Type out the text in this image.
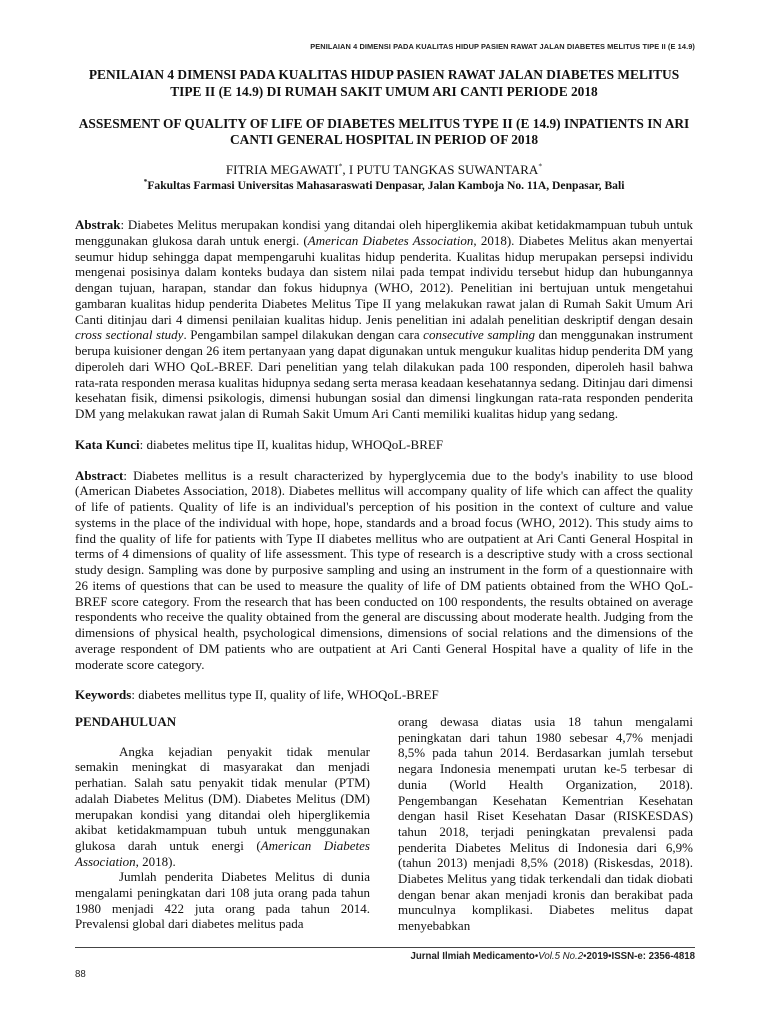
PENILAIAN 4 DIMENSI PADA KUALITAS HIDUP PASIEN RAWAT JALAN DIABETES MELITUS TIPE II (E 14.9)

PENILAIAN 4 DIMENSI PADA KUALITAS HIDUP PASIEN RAWAT JALAN DIABETES MELITUS TIPE II (E 14.9) DI RUMAH SAKIT UMUM ARI CANTI PERIODE 2018

ASSESMENT OF QUALITY OF LIFE OF DIABETES MELITUS TYPE II (E 14.9) INPATIENTS IN ARI CANTI GENERAL HOSPITAL IN PERIOD OF 2018

FITRIA MEGAWATI*, I PUTU TANGKAS SUWANTARA*

*Fakultas Farmasi Universitas Mahasaraswati Denpasar, Jalan Kamboja No. 11A, Denpasar, Bali

Abstrak: Diabetes Melitus merupakan kondisi yang ditandai oleh hiperglikemia akibat ketidakmampuan tubuh untuk menggunakan glukosa darah untuk energi. (American Diabetes Association, 2018). Diabetes Melitus akan menyertai seumur hidup sehingga dapat mempengaruhi kualitas hidup penderita. Kualitas hidup merupakan persepsi individu mengenai posisinya dalam konteks budaya dan sistem nilai pada tempat individu tersebut hidup dan hubungannya dengan tujuan, harapan, standar dan fokus hidupnya (WHO, 2012). Penelitian ini bertujuan untuk mengetahui gambaran kualitas hidup penderita Diabetes Melitus Tipe II yang melakukan rawat jalan di Rumah Sakit Umum Ari Canti ditinjau dari 4 dimensi penilaian kualitas hidup. Jenis penelitian ini adalah penelitian deskriptif dengan desain cross sectional study. Pengambilan sampel dilakukan dengan cara consecutive sampling dan menggunakan instrument berupa kuisioner dengan 26 item pertanyaan yang dapat digunakan untuk mengukur kualitas hidup penderita DM yang diperoleh dari WHO QoL-BREF. Dari penelitian yang telah dilakukan pada 100 responden, diperoleh hasil bahwa rata-rata responden merasa kualitas hidupnya sedang serta merasa keadaan kesehatannya sedang. Ditinjau dari dimensi kesehatan fisik, dimensi psikologis, dimensi hubungan sosial dan dimensi lingkungan rata-rata responden penderita DM yang melakukan rawat jalan di Rumah Sakit Umum Ari Canti memiliki kualitas hidup yang sedang.

Kata Kunci: diabetes melitus tipe II, kualitas hidup, WHOQoL-BREF

Abstract: Diabetes mellitus is a result characterized by hyperglycemia due to the body's inability to use blood (American Diabetes Association, 2018). Diabetes mellitus will accompany quality of life which can affect the quality of life of patients. Quality of life is an individual's perception of his position in the context of culture and value systems in the place of the individual with hope, hope, standards and a broad focus (WHO, 2012). This study aims to find the quality of life for patients with Type II diabetes mellitus who are outpatient at Ari Canti General Hospital in terms of 4 dimensions of quality of life assessment. This type of research is a descriptive study with a cross sectional study design. Sampling was done by purposive sampling and using an instrument in the form of a questionnaire with 26 items of questions that can be used to measure the quality of life of DM patients obtained from the WHO QoL-BREF score category. From the research that has been conducted on 100 respondents, the results obtained on average respondents who receive the quality obtained from the general are discussing about moderate health. Judging from the dimensions of physical health, psychological dimensions, dimensions of social relations and the dimensions of the average respondent of DM patients who are outpatient at Ari Canti General Hospital have a quality of life in the moderate score category.

Keywords: diabetes mellitus type II, quality of life, WHOQoL-BREF

PENDAHULUAN

Angka kejadian penyakit tidak menular semakin meningkat di masyarakat dan menjadi perhatian. Salah satu penyakit tidak menular (PTM) adalah Diabetes Melitus (DM). Diabetes Melitus (DM) merupakan kondisi yang ditandai oleh hiperglikemia akibat ketidakmampuan tubuh untuk menggunakan glukosa darah untuk energi (American Diabetes Association, 2018).

Jumlah penderita Diabetes Melitus di dunia mengalami peningkatan dari 108 juta orang pada tahun 1980 menjadi 422 juta orang pada tahun 2014. Prevalensi global dari diabetes melitus pada

orang dewasa diatas usia 18 tahun mengalami peningkatan dari tahun 1980 sebesar 4,7% menjadi 8,5% pada tahun 2014. Berdasarkan jumlah tersebut negara Indonesia menempati urutan ke-5 terbesar di dunia (World Health Organization, 2018). Pengembangan Kesehatan Kementrian Kesehatan dengan hasil Riset Kesehatan Dasar (RISKESDAS) tahun 2018, terjadi peningkatan prevalensi pada penderita Diabetes Melitus di Indonesia dari 6,9% (tahun 2013) menjadi 8,5% (2018) (Riskesdas, 2018). Diabetes Melitus yang tidak terkendali dan tidak diobati dengan benar akan menjadi kronis dan berakibat pada munculnya komplikasi. Diabetes melitus dapat menyebabkan

Jurnal Ilmiah Medicamento•Vol.5 No.2•2019•ISSN-e: 2356-4818
88
